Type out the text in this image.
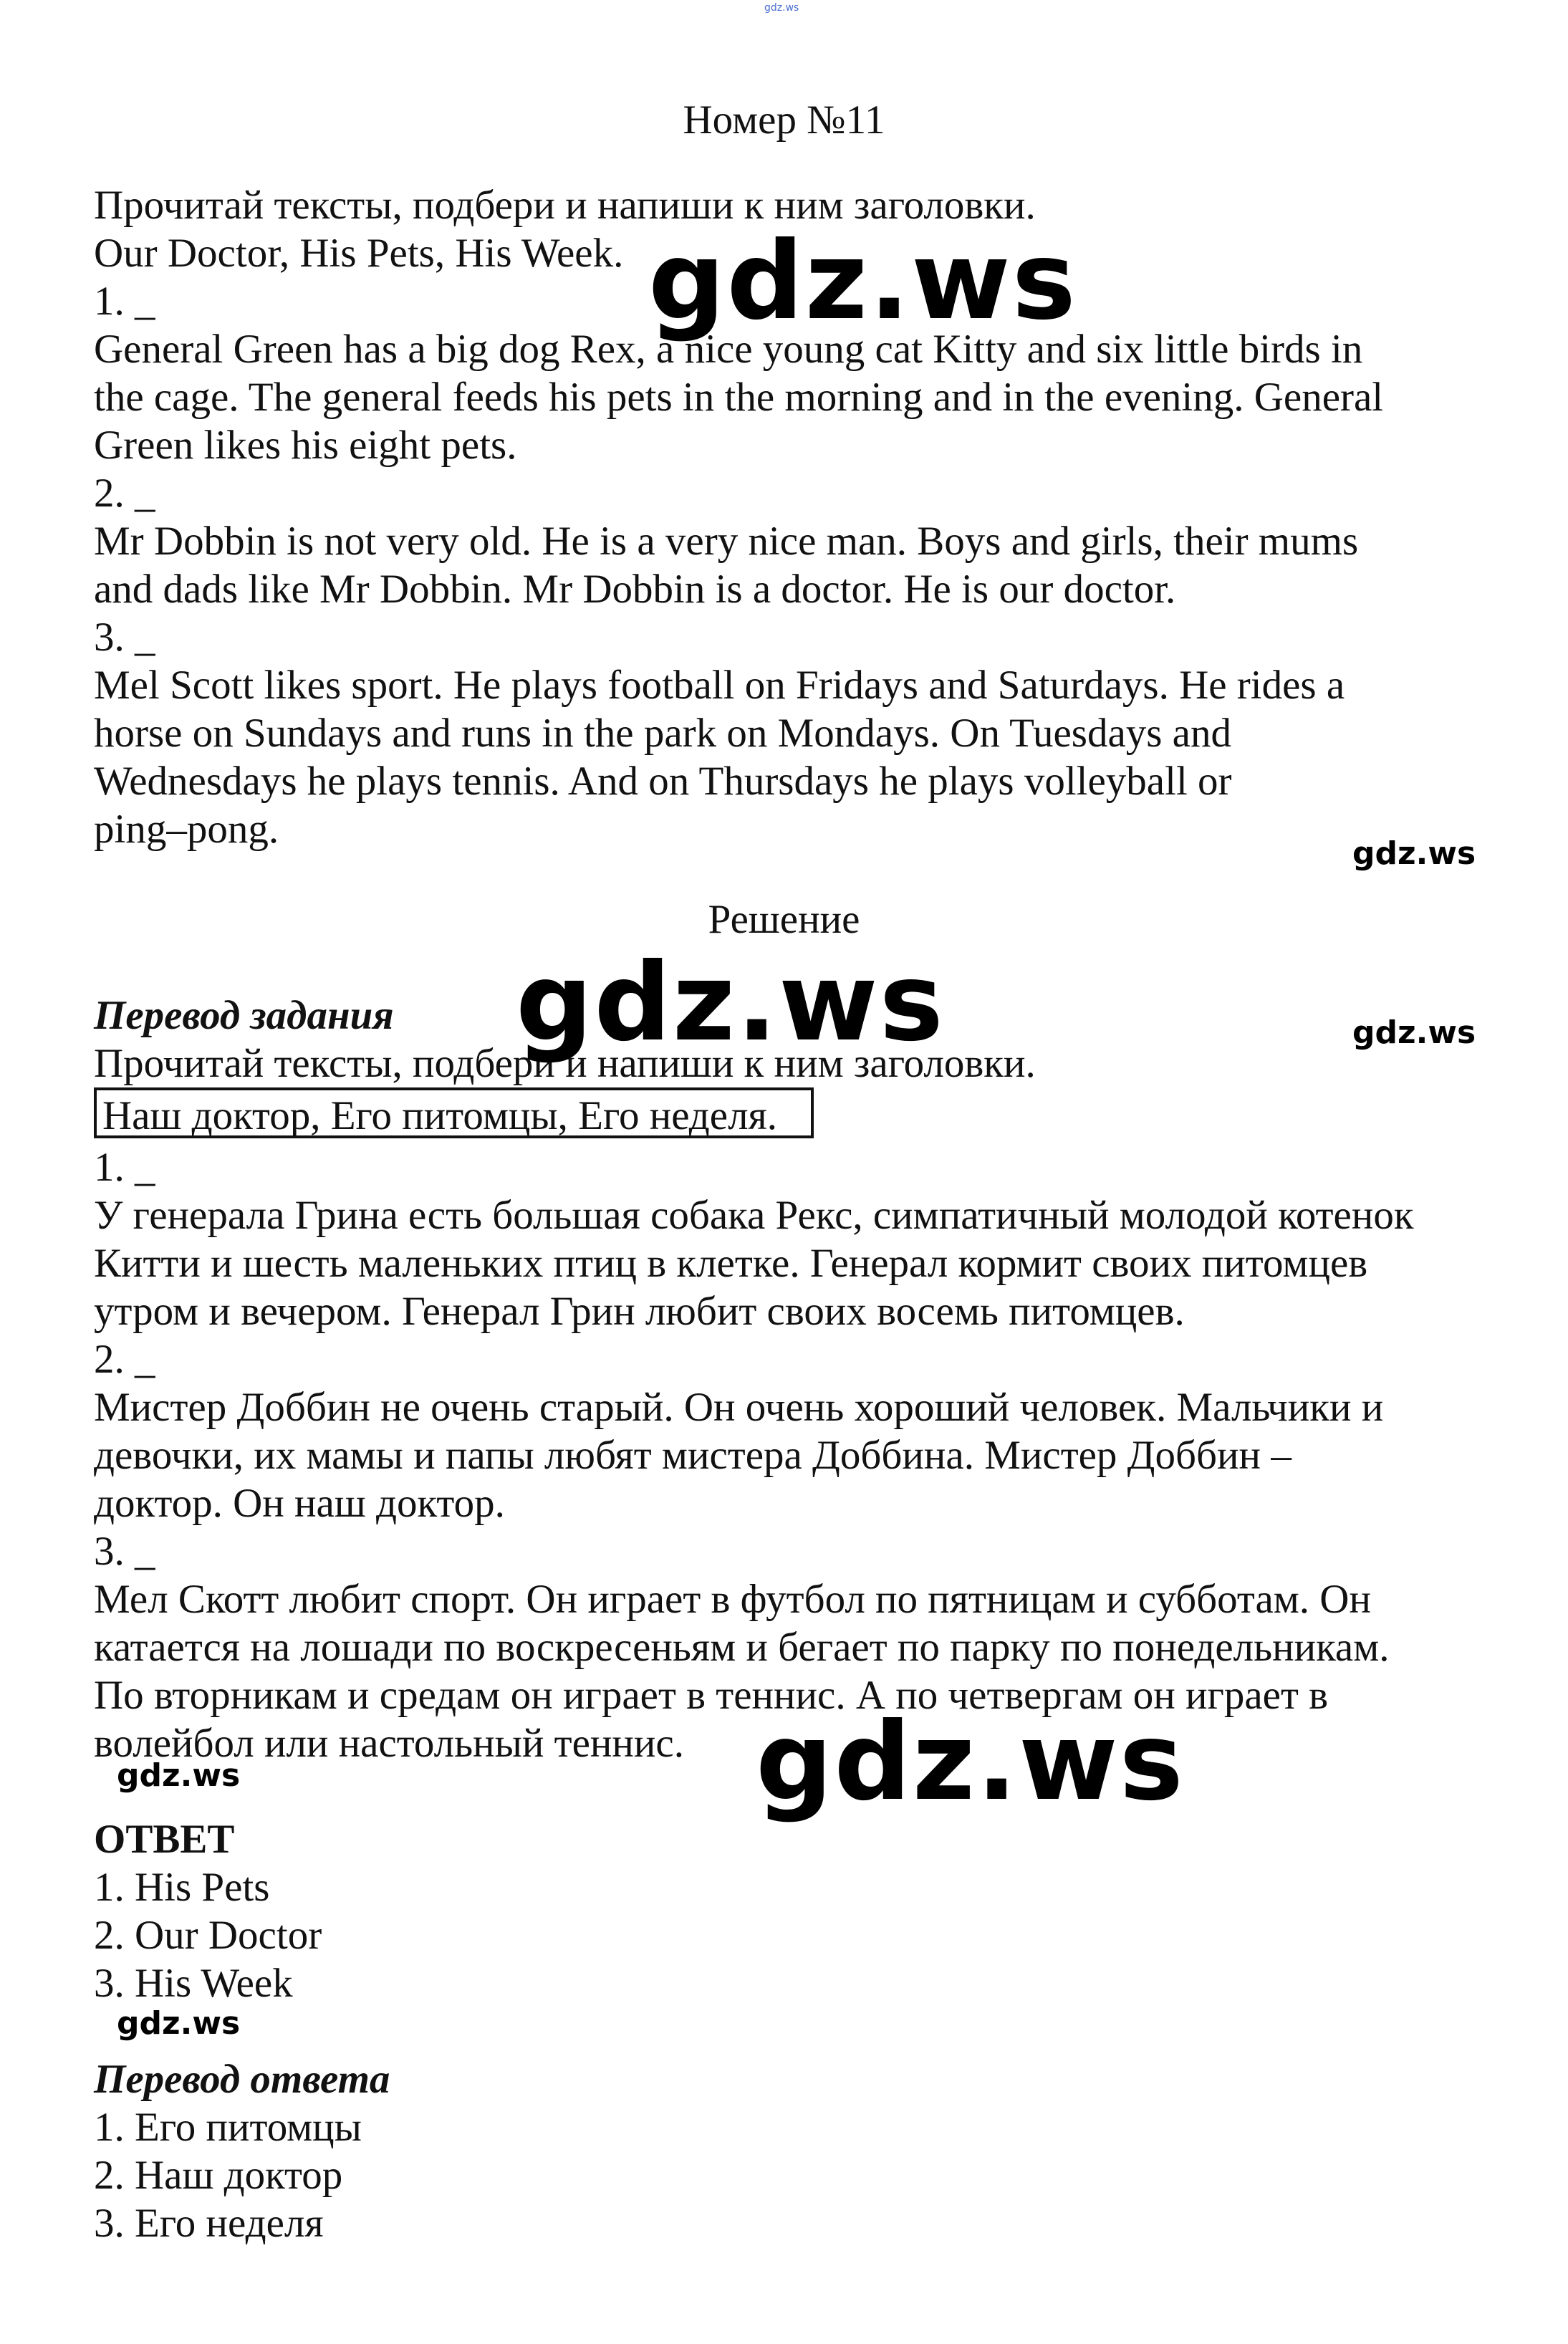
gdz.ws
Номер №11
Прочитай тексты, подбери и напиши к ним заголовки.
Our Doctor, His Pets, His Week.
1. _
General Green has a big dog Rex, a nice young cat Kitty and six little birds in
the cage. The general feeds his pets in the morning and in the evening. General
Green likes his eight pets.
2. _
Mr Dobbin is not very old. He is a very nice man. Boys and girls, their mums
and dads like Mr Dobbin. Mr Dobbin is a doctor. He is our doctor.
3. _
Mel Scott likes sport. He plays football on Fridays and Saturdays. He rides a
horse on Sundays and runs in the park on Mondays. On Tuesdays and
Wednesdays he plays tennis. And on Thursdays he plays volleyball or
ping–pong.
Решение
Перевод задания
Прочитай тексты, подбери и напиши к ним заголовки.
Наш доктор, Его питомцы, Его неделя.
1. _
У генерала Грина есть большая собака Рекс, симпатичный молодой котенок
Китти и шесть маленьких птиц в клетке. Генерал кормит своих питомцев
утром и вечером. Генерал Грин любит своих восемь питомцев.
2. _
Мистер Доббин не очень старый. Он очень хороший человек. Мальчики и
девочки, их мамы и папы любят мистера Доббина. Мистер Доббин –
доктор. Он наш доктор.
3. _
Мел Скотт любит спорт. Он играет в футбол по пятницам и субботам. Он
катается на лошади по воскресеньям и бегает по парку по понедельникам.
По вторникам и средам он играет в теннис. А по четвергам он играет в
волейбол или настольный теннис.
ОТВЕТ
1. His Pets
2. Our Doctor
3. His Week
Перевод ответа
1. Его питомцы
2. Наш доктор
3. Его неделя
gdz.ws
gdz.ws
gdz.ws
gdz.ws
gdz.ws
gdz.ws
gdz.ws
